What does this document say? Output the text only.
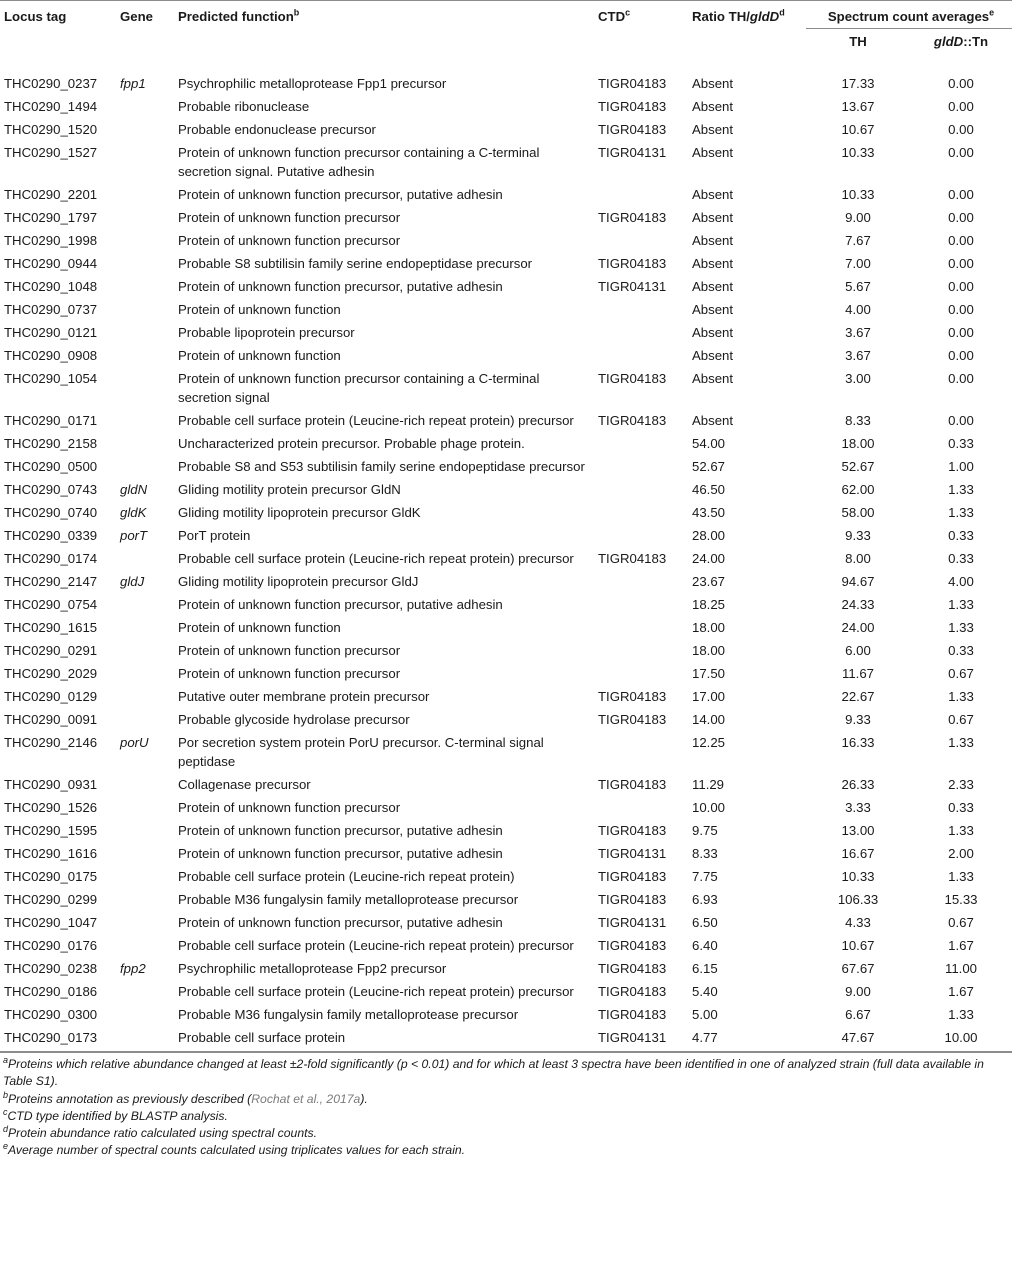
Locus tag	Gene	Predicted function$^b$	CTD$^c$	Ratio TH/gldD$^d$	Spectrum count averages$^e$
					TH	gldD::Tn
THC0290_0237	fpp1	Psychrophilic metalloprotease Fpp1 precursor	TIGR04183	Absent	17.33	0.00
THC0290_1494		Probable ribonuclease	TIGR04183	Absent	13.67	0.00
THC0290_1520		Probable endonuclease precursor	TIGR04183	Absent	10.67	0.00
THC0290_1527		Protein of unknown function precursor containing a C-terminal secretion signal. Putative adhesin	TIGR04131	Absent	10.33	0.00
THC0290_2201		Protein of unknown function precursor, putative adhesin		Absent	10.33	0.00
THC0290_1797		Protein of unknown function precursor	TIGR04183	Absent	9.00	0.00
THC0290_1998		Protein of unknown function precursor		Absent	7.67	0.00
THC0290_0944		Probable S8 subtilisin family serine endopeptidase precursor	TIGR04183	Absent	7.00	0.00
THC0290_1048		Protein of unknown function precursor, putative adhesin	TIGR04131	Absent	5.67	0.00
THC0290_0737		Protein of unknown function		Absent	4.00	0.00
THC0290_0121		Probable lipoprotein precursor		Absent	3.67	0.00
THC0290_0908		Protein of unknown function		Absent	3.67	0.00
THC0290_1054		Protein of unknown function precursor containing a C-terminal secretion signal	TIGR04183	Absent	3.00	0.00
THC0290_0171		Probable cell surface protein (Leucine-rich repeat protein) precursor	TIGR04183	Absent	8.33	0.00
THC0290_2158		Uncharacterized protein precursor. Probable phage protein.		54.00	18.00	0.33
THC0290_0500		Probable S8 and S53 subtilisin family serine endopeptidase precursor		52.67	52.67	1.00
THC0290_0743	gldN	Gliding motility protein precursor GldN		46.50	62.00	1.33
THC0290_0740	gldK	Gliding motility lipoprotein precursor GldK		43.50	58.00	1.33
THC0290_0339	porT	PorT protein		28.00	9.33	0.33
THC0290_0174		Probable cell surface protein (Leucine-rich repeat protein) precursor	TIGR04183	24.00	8.00	0.33
THC0290_2147	gldJ	Gliding motility lipoprotein precursor GldJ		23.67	94.67	4.00
THC0290_0754		Protein of unknown function precursor, putative adhesin		18.25	24.33	1.33
THC0290_1615		Protein of unknown function		18.00	24.00	1.33
THC0290_0291		Protein of unknown function precursor		18.00	6.00	0.33
THC0290_2029		Protein of unknown function precursor		17.50	11.67	0.67
THC0290_0129		Putative outer membrane protein precursor	TIGR04183	17.00	22.67	1.33
THC0290_0091		Probable glycoside hydrolase precursor	TIGR04183	14.00	9.33	0.67
THC0290_2146	porU	Por secretion system protein PorU precursor. C-terminal signal peptidase		12.25	16.33	1.33
THC0290_0931		Collagenase precursor	TIGR04183	11.29	26.33	2.33
THC0290_1526		Protein of unknown function precursor		10.00	3.33	0.33
THC0290_1595		Protein of unknown function precursor, putative adhesin	TIGR04183	9.75	13.00	1.33
THC0290_1616		Protein of unknown function precursor, putative adhesin	TIGR04131	8.33	16.67	2.00
THC0290_0175		Probable cell surface protein (Leucine-rich repeat protein)	TIGR04183	7.75	10.33	1.33
THC0290_0299		Probable M36 fungalysin family metalloprotease precursor	TIGR04183	6.93	106.33	15.33
THC0290_1047		Protein of unknown function precursor, putative adhesin	TIGR04131	6.50	4.33	0.67
THC0290_0176		Probable cell surface protein (Leucine-rich repeat protein) precursor	TIGR04183	6.40	10.67	1.67
THC0290_0238	fpp2	Psychrophilic metalloprotease Fpp2 precursor	TIGR04183	6.15	67.67	11.00
THC0290_0186		Probable cell surface protein (Leucine-rich repeat protein) precursor	TIGR04183	5.40	9.00	1.67
THC0290_0300		Probable M36 fungalysin family metalloprotease precursor	TIGR04183	5.00	6.67	1.33
THC0290_0173		Probable cell surface protein	TIGR04131	4.77	47.67	10.00
$^a$Proteins which relative abundance changed at least ±2-fold significantly (p < 0.01) and for which at least 3 spectra have been identified in one of analyzed strain (full data available in Table S1).
$^b$Proteins annotation as previously described (Rochat et al., 2017a).
$^c$CTD type identified by BLASTP analysis.
$^d$Protein abundance ratio calculated using spectral counts.
$^e$Average number of spectral counts calculated using triplicates values for each strain.
